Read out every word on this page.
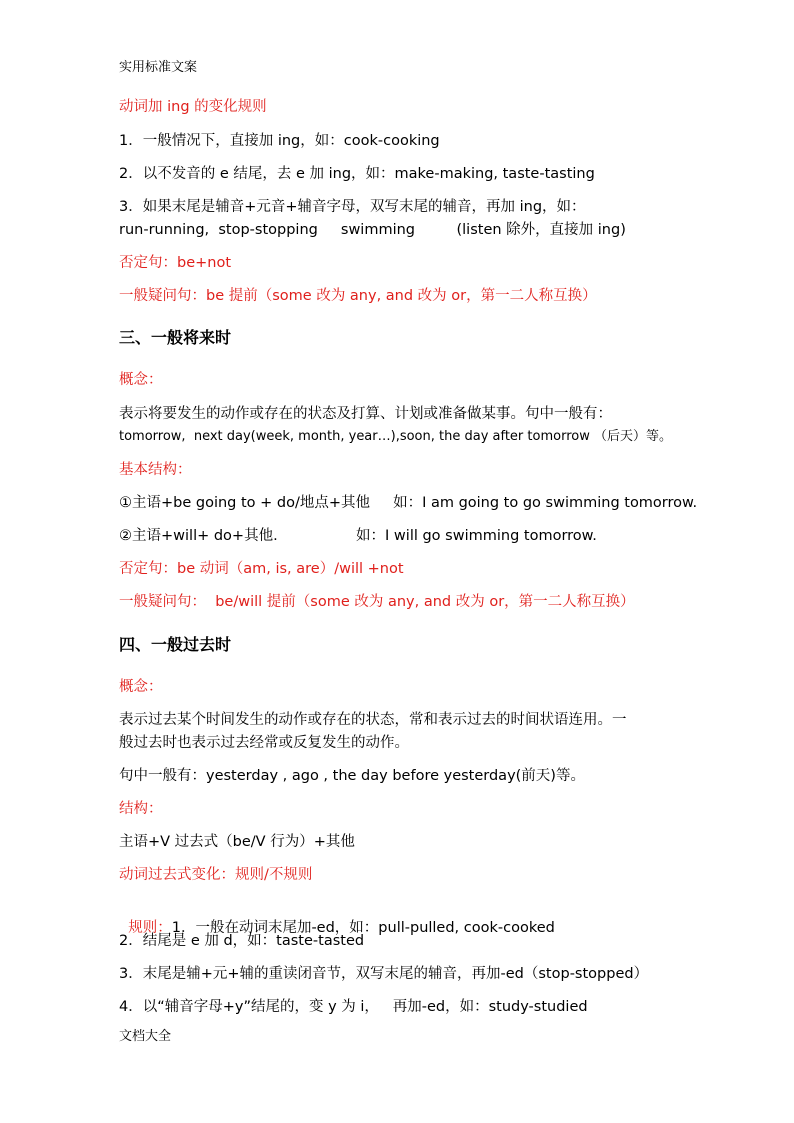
实用标准文案
动词加 ing 的变化规则
1．一般情况下，直接加 ing，如：cook-cooking
2．以不发音的 e 结尾，去 e 加 ing，如：make-making, taste-tasting
3．如果末尾是辅音+元音+辅音字母，双写末尾的辅音，再加 ing，如：
run-running,  stop-stopping     swimming         (listen 除外，直接加 ing)
否定句：be+not
一般疑问句：be 提前（some 改为 any, and 改为 or，第一二人称互换）
三、一般将来时
概念：
表示将要发生的动作或存在的状态及打算、计划或准备做某事。句中一般有：
tomorrow,  next day(week, month, year…),soon, the day after tomorrow （后天）等。
基本结构：
①主语+be going to + do/地点+其他     如：I am going to go swimming tomorrow.
②主语+will+ do+其他.                 如：I will go swimming tomorrow.
否定句：be 动词（am, is, are）/will +not
一般疑问句：  be/will 提前（some 改为 any, and 改为 or，第一二人称互换）
四、一般过去时
概念：
表示过去某个时间发生的动作或存在的状态，常和表示过去的时间状语连用。一
般过去时也表示过去经常或反复发生的动作。
句中一般有：yesterday , ago , the day before yesterday(前天)等。
结构：
主语+V 过去式（be/V 行为）+其他
动词过去式变化：规则/不规则

规则：1．一般在动词末尾加-ed，如：pull-pulled, cook-cooked

2．结尾是 e 加 d，如：taste-tasted
3．末尾是辅+元+辅的重读闭音节，双写末尾的辅音，再加-ed（stop-stopped）
4．以“辅音字母+y”结尾的，变 y 为 i，   再加-ed，如：study-studied
文档大全
